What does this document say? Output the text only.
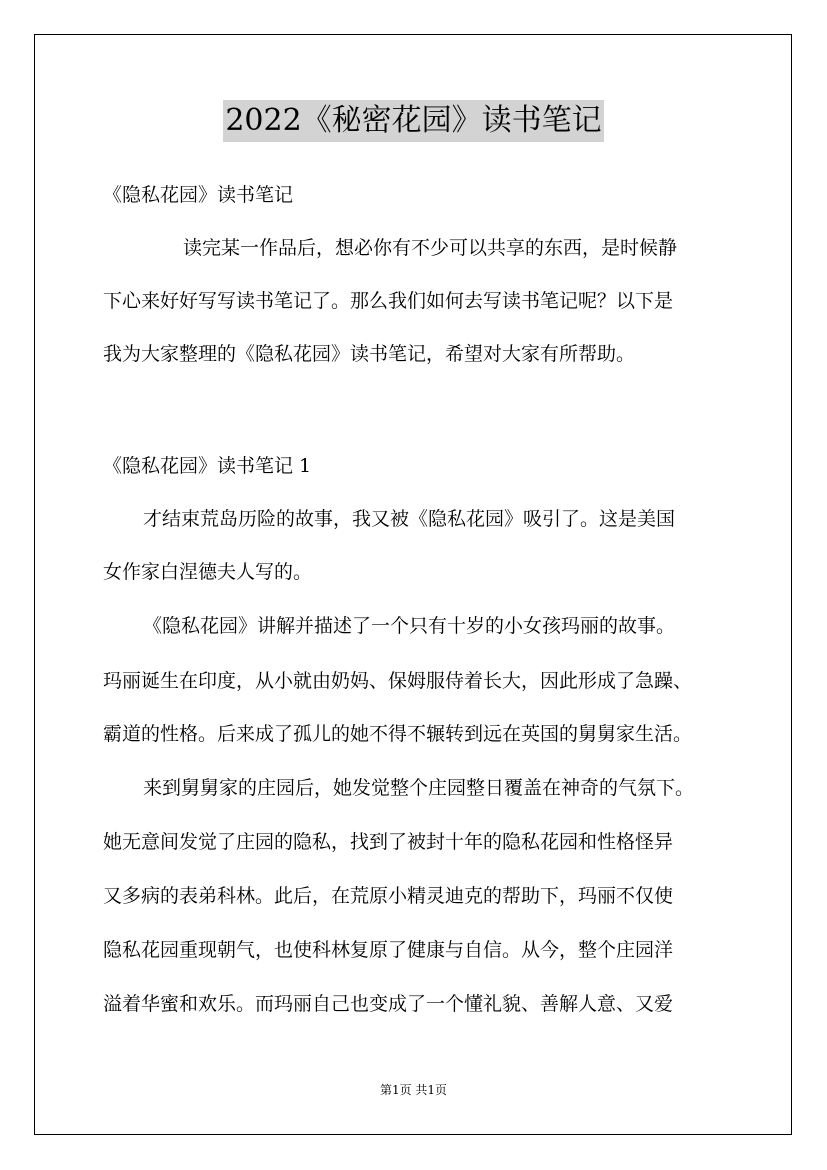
2022《秘密花园》读书笔记
《隐私花园》读书笔记
读完某一作品后，想必你有不少可以共享的东西，是时候静
下心来好好写写读书笔记了。那么我们如何去写读书笔记呢？以下是
我为大家整理的《隐私花园》读书笔记，希望对大家有所帮助。
《隐私花园》读书笔记 1
才结束荒岛历险的故事，我又被《隐私花园》吸引了。这是美国
女作家白涅德夫人写的。
《隐私花园》讲解并描述了一个只有十岁的小女孩玛丽的故事。
玛丽诞生在印度，从小就由奶妈、保姆服侍着长大，因此形成了急躁、
霸道的性格。后来成了孤儿的她不得不辗转到远在英国的舅舅家生活。
来到舅舅家的庄园后，她发觉整个庄园整日覆盖在神奇的气氛下。
她无意间发觉了庄园的隐私，找到了被封十年的隐私花园和性格怪异
又多病的表弟科林。此后，在荒原小精灵迪克的帮助下，玛丽不仅使
隐私花园重现朝气，也使科林复原了健康与自信。从今，整个庄园洋
溢着华蜜和欢乐。而玛丽自己也变成了一个懂礼貌、善解人意、又爱
第1页 共1页
